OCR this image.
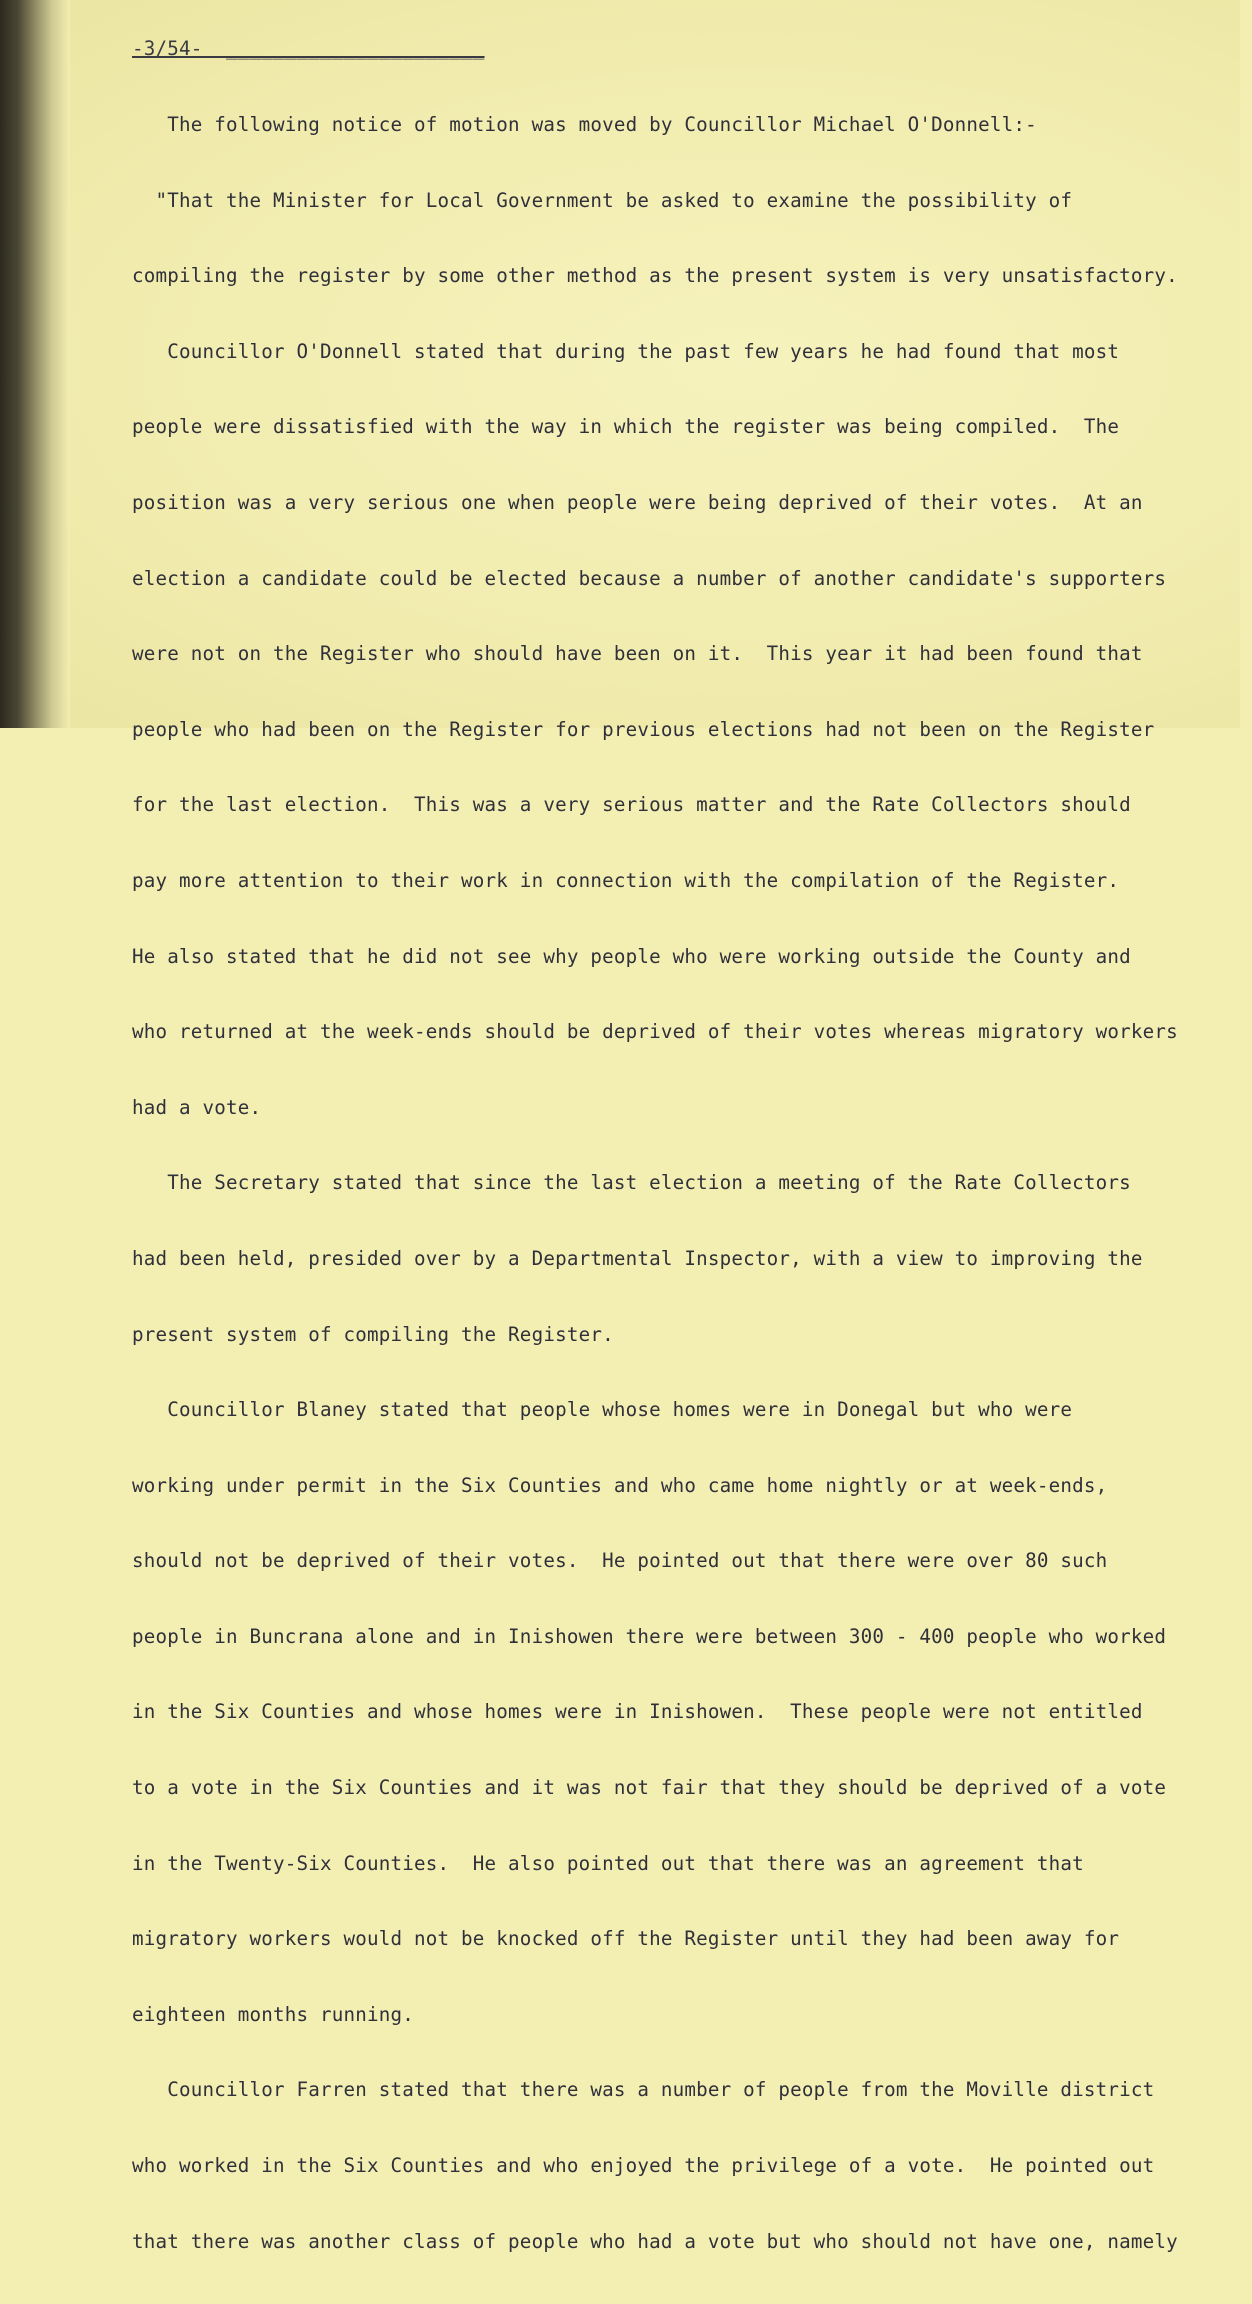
-3/54-  ______________________

The following notice of motion was moved by Councillor Michael O'Donnell:-

"That the Minister for Local Government be asked to examine the possibility of

compiling the register by some other method as the present system is very unsatisfactory.

Councillor O'Donnell stated that during the past few years he had found that most

people were dissatisfied with the way in which the register was being compiled.  The

position was a very serious one when people were being deprived of their votes.  At an

election a candidate could be elected because a number of another candidate's supporters

were not on the Register who should have been on it.  This year it had been found that

people who had been on the Register for previous elections had not been on the Register

for the last election.  This was a very serious matter and the Rate Collectors should

pay more attention to their work in connection with the compilation of the Register.

He also stated that he did not see why people who were working outside the County and

who returned at the week-ends should be deprived of their votes whereas migratory workers

had a vote.

The Secretary stated that since the last election a meeting of the Rate Collectors

had been held, presided over by a Departmental Inspector, with a view to improving the

present system of compiling the Register.

Councillor Blaney stated that people whose homes were in Donegal but who were

working under permit in the Six Counties and who came home nightly or at week-ends,

should not be deprived of their votes.  He pointed out that there were over 80 such

people in Buncrana alone and in Inishowen there were between 300 - 400 people who worked

in the Six Counties and whose homes were in Inishowen.  These people were not entitled

to a vote in the Six Counties and it was not fair that they should be deprived of a vote

in the Twenty-Six Counties.  He also pointed out that there was an agreement that

migratory workers would not be knocked off the Register until they had been away for

eighteen months running.

Councillor Farren stated that there was a number of people from the Moville district

who worked in the Six Counties and who enjoyed the privilege of a vote.  He pointed out

that there was another class of people who had a vote but who should not have one, namely
